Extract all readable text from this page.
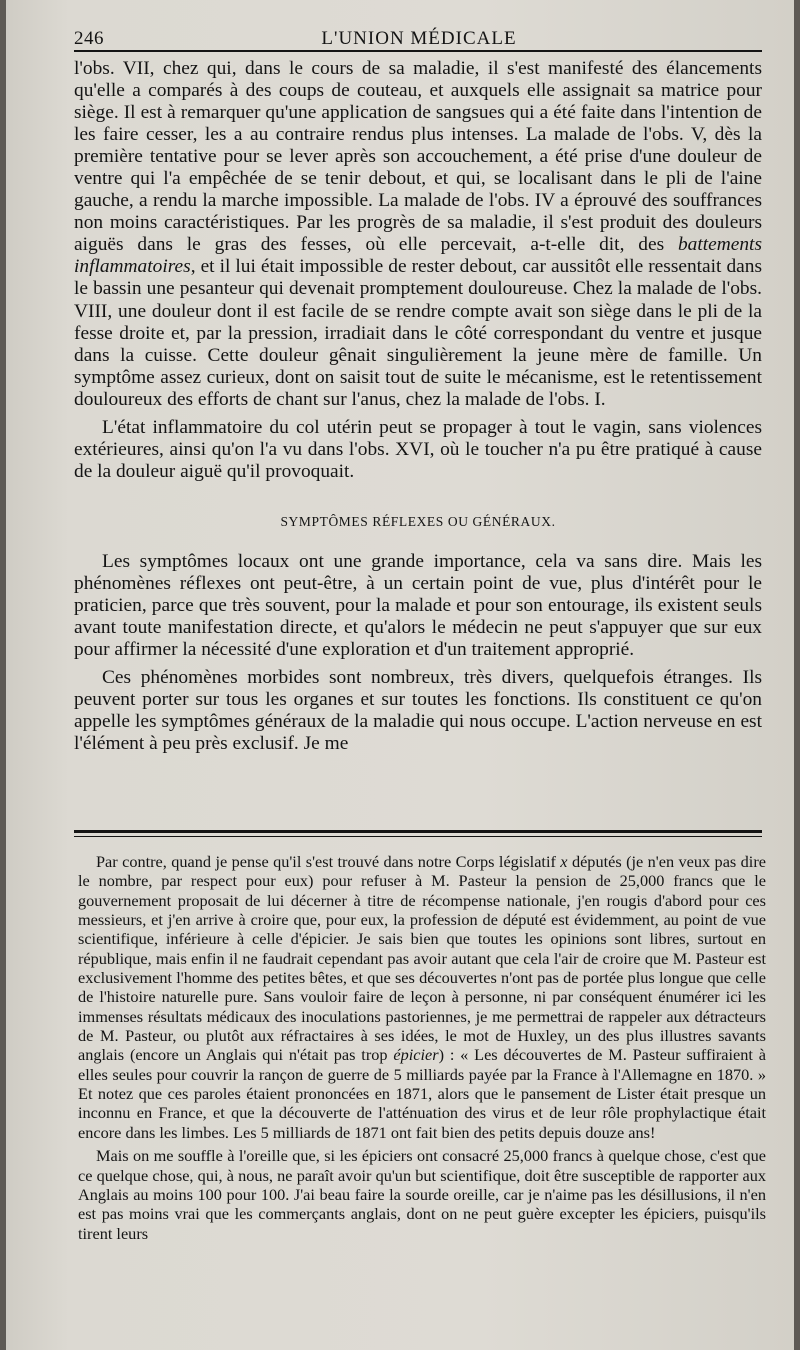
246	L'UNION MÉDICALE

l'obs. VII, chez qui, dans le cours de sa maladie, il s'est manifesté des élancements qu'elle a comparés à des coups de couteau, et auxquels elle assignait sa matrice pour siège. Il est à remarquer qu'une application de sangsues qui a été faite dans l'intention de les faire cesser, les a au contraire rendus plus intenses. La malade de l'obs. V, dès la première tentative pour se lever après son accouchement, a été prise d'une douleur de ventre qui l'a empêchée de se tenir debout, et qui, se localisant dans le pli de l'aine gauche, a rendu la marche impossible. La malade de l'obs. IV a éprouvé des souffrances non moins caractéristiques. Par les progrès de sa maladie, il s'est produit des douleurs aiguës dans le gras des fesses, où elle percevait, a-t-elle dit, des battements inflammatoires, et il lui était impossible de rester debout, car aussitôt elle ressentait dans le bassin une pesanteur qui devenait promptement douloureuse. Chez la malade de l'obs. VIII, une douleur dont il est facile de se rendre compte avait son siège dans le pli de la fesse droite et, par la pression, irradiait dans le côté correspondant du ventre et jusque dans la cuisse. Cette douleur gênait singulièrement la jeune mère de famille. Un symptôme assez curieux, dont on saisit tout de suite le mécanisme, est le retentissement douloureux des efforts de chant sur l'anus, chez la malade de l'obs. I.

L'état inflammatoire du col utérin peut se propager à tout le vagin, sans violences extérieures, ainsi qu'on l'a vu dans l'obs. XVI, où le toucher n'a pu être pratiqué à cause de la douleur aiguë qu'il provoquait.

SYMPTÔMES RÉFLEXES OU GÉNÉRAUX.

Les symptômes locaux ont une grande importance, cela va sans dire. Mais les phénomènes réflexes ont peut-être, à un certain point de vue, plus d'intérêt pour le praticien, parce que très souvent, pour la malade et pour son entourage, ils existent seuls avant toute manifestation directe, et qu'alors le médecin ne peut s'appuyer que sur eux pour affirmer la nécessité d'une exploration et d'un traitement approprié.

Ces phénomènes morbides sont nombreux, très divers, quelquefois étranges. Ils peuvent porter sur tous les organes et sur toutes les fonctions. Ils constituent ce qu'on appelle les symptômes généraux de la maladie qui nous occupe. L'action nerveuse en est l'élément à peu près exclusif. Je me

Par contre, quand je pense qu'il s'est trouvé dans notre Corps législatif x députés (je n'en veux pas dire le nombre, par respect pour eux) pour refuser à M. Pasteur la pension de 25,000 francs que le gouvernement proposait de lui décerner à titre de récompense nationale, j'en rougis d'abord pour ces messieurs, et j'en arrive à croire que, pour eux, la profession de député est évidemment, au point de vue scientifique, inférieure à celle d'épicier. Je sais bien que toutes les opinions sont libres, surtout en république, mais enfin il ne faudrait cependant pas avoir autant que cela l'air de croire que M. Pasteur est exclusivement l'homme des petites bêtes, et que ses découvertes n'ont pas de portée plus longue que celle de l'histoire naturelle pure. Sans vouloir faire de leçon à personne, ni par conséquent énumérer ici les immenses résultats médicaux des inoculations pastoriennes, je me permettrai de rappeler aux détracteurs de M. Pasteur, ou plutôt aux réfractaires à ses idées, le mot de Huxley, un des plus illustres savants anglais (encore un Anglais qui n'était pas trop épicier) : « Les découvertes de M. Pasteur suffiraient à elles seules pour couvrir la rançon de guerre de 5 milliards payée par la France à l'Allemagne en 1870. » Et notez que ces paroles étaient prononcées en 1871, alors que le pansement de Lister était presque un inconnu en France, et que la découverte de l'atténuation des virus et de leur rôle prophylactique était encore dans les limbes. Les 5 milliards de 1871 ont fait bien des petits depuis douze ans!

Mais on me souffle à l'oreille que, si les épiciers ont consacré 25,000 francs à quelque chose, c'est que ce quelque chose, qui, à nous, ne paraît avoir qu'un but scientifique, doit être susceptible de rapporter aux Anglais au moins 100 pour 100. J'ai beau faire la sourde oreille, car je n'aime pas les désillusions, il n'en est pas moins vrai que les commerçants anglais, dont on ne peut guère excepter les épiciers, puisqu'ils tirent leurs
